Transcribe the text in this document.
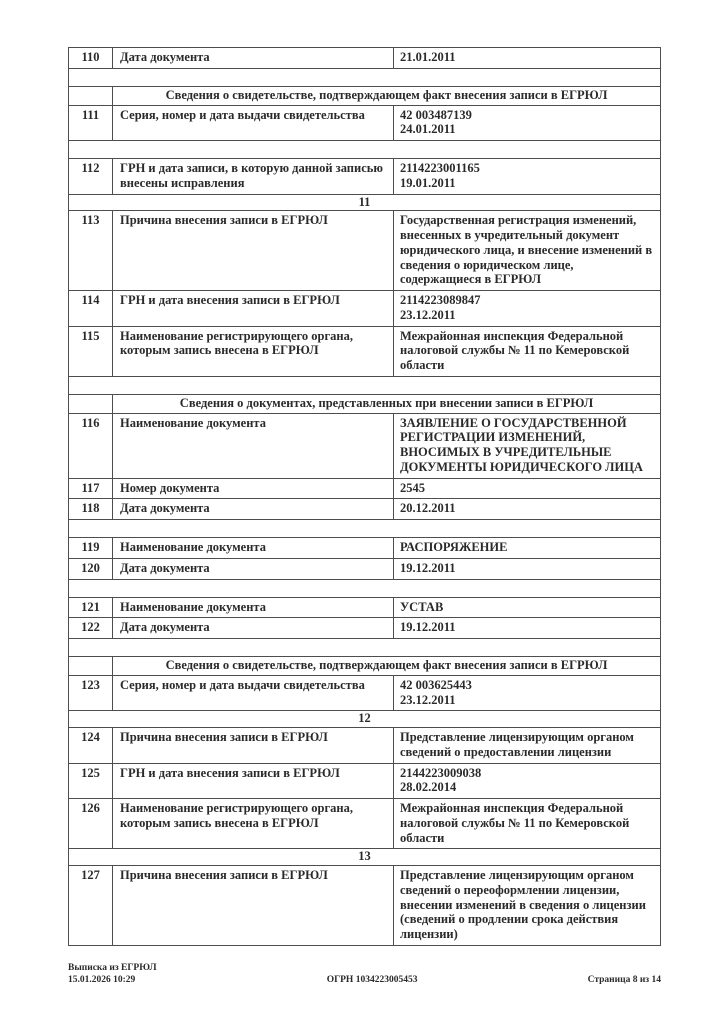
110	Дата документа	21.01.2011

	Сведения о свидетельстве, подтверждающем факт внесения записи в ЕГРЮЛ	
111	Серия, номер и дата выдачи свидетельства	42 003487139
24.01.2011

112	ГРН и дата записи, в которую данной записью внесены исправления	2114223001165
19.01.2011

11		
113	Причина внесения записи в ЕГРЮЛ	Государственная регистрация изменений, внесенных в учредительный документ юридического лица, и внесение изменений в сведения о юридическом лице, содержащиеся в ЕГРЮЛ

114	ГРН и дата внесения записи в ЕГРЮЛ	2114223089847
23.12.2011

115	Наименование регистрирующего органа, которым запись внесена в ЕГРЮЛ	Межрайонная инспекция Федеральной налоговой службы № 11 по Кемеровской области

	Сведения о документах, представленных при внесении записи в ЕГРЮЛ	
116	Наименование документа	ЗАЯВЛЕНИЕ О ГОСУДАРСТВЕННОЙ РЕГИСТРАЦИИ ИЗМЕНЕНИЙ, ВНОСИМЫХ В УЧРЕДИТЕЛЬНЫЕ ДОКУМЕНТЫ ЮРИДИЧЕСКОГО ЛИЦА

117	Номер документа	2545

118	Дата документа	20.12.2011

119	Наименование документа	РАСПОРЯЖЕНИЕ

120	Дата документа	19.12.2011

121	Наименование документа	УСТАВ

122	Дата документа	19.12.2011

	Сведения о свидетельстве, подтверждающем факт внесения записи в ЕГРЮЛ	
123	Серия, номер и дата выдачи свидетельства	42 003625443
23.12.2011

12		
124	Причина внесения записи в ЕГРЮЛ	Представление лицензирующим органом сведений о предоставлении лицензии

125	ГРН и дата внесения записи в ЕГРЮЛ	2144223009038
28.02.2014

126	Наименование регистрирующего органа, которым запись внесена в ЕГРЮЛ	Межрайонная инспекция Федеральной налоговой службы № 11 по Кемеровской области

13		
127	Причина внесения записи в ЕГРЮЛ	Представление лицензирующим органом сведений о переоформлении лицензии, внесении изменений в сведения о лицензии (сведений о продлении срока действия лицензии)
Выписка из ЕГРЮЛ
15.01.2026 10:29	ОГРН 1034223005453	Страница 8 из 14
